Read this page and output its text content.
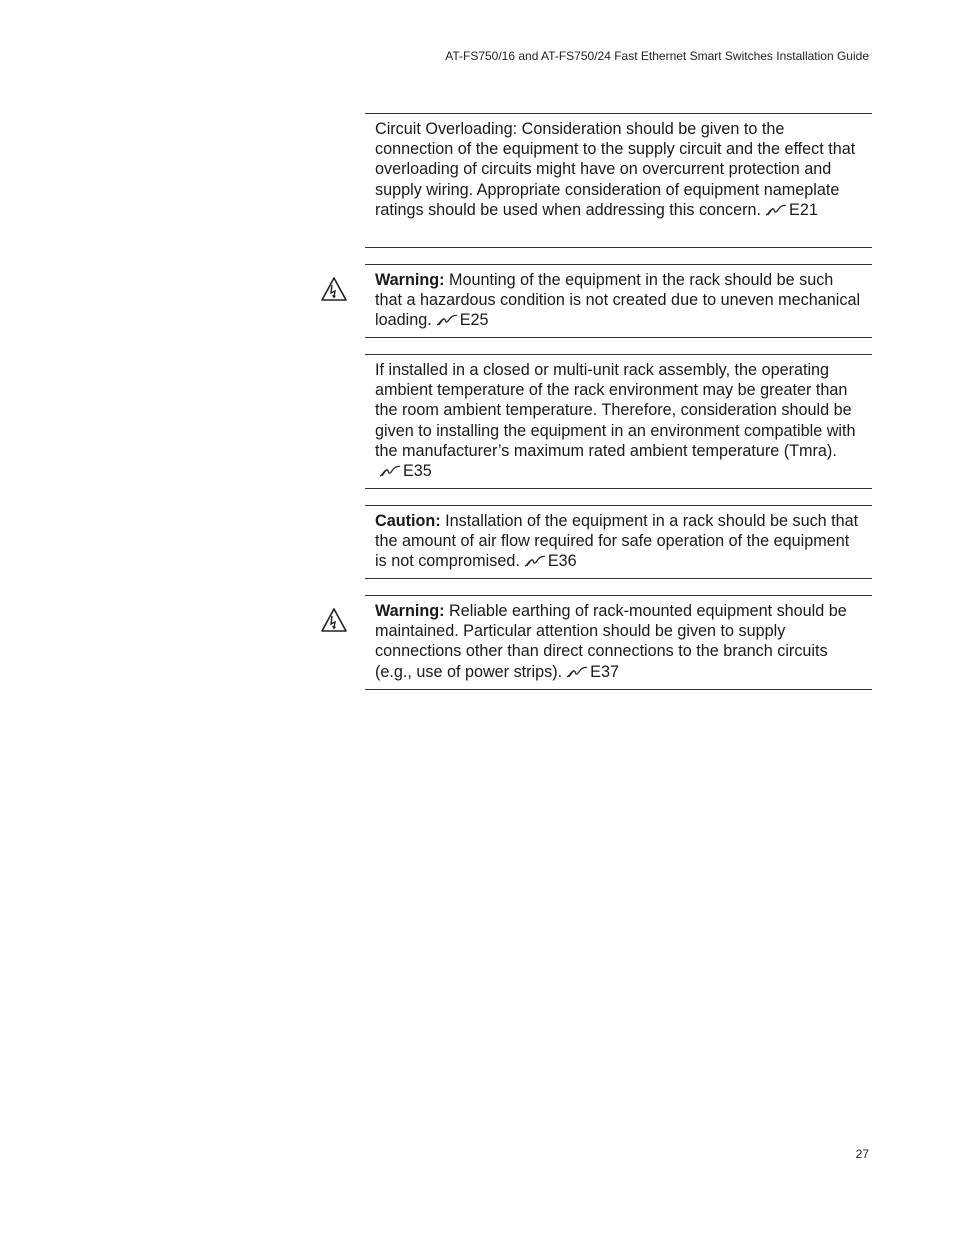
AT-FS750/16 and AT-FS750/24 Fast Ethernet Smart Switches Installation Guide

Circuit Overloading: Consideration should be given to the connection of the equipment to the supply circuit and the effect that overloading of circuits might have on overcurrent protection and supply wiring. Appropriate consideration of equipment nameplate ratings should be used when addressing this concern. E21

Warning: Mounting of the equipment in the rack should be such that a hazardous condition is not created due to uneven mechanical loading. E25

If installed in a closed or multi-unit rack assembly, the operating ambient temperature of the rack environment may be greater than the room ambient temperature. Therefore, consideration should be given to installing the equipment in an environment compatible with the manufacturer’s maximum rated ambient temperature (Tmra).E35

Caution: Installation of the equipment in a rack should be such that the amount of air flow required for safe operation of the equipment is not compromised. E36

Warning: Reliable earthing of rack-mounted equipment should be maintained. Particular attention should be given to supply connections other than direct connections to the branch circuits (e.g., use of power strips). E37

27
